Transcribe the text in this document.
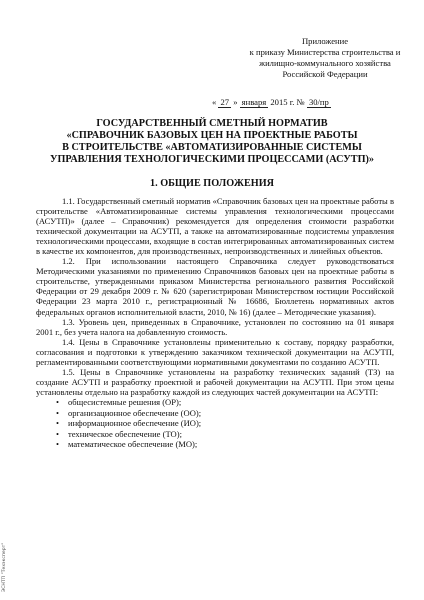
Приложение
к приказу Министерства строительства и
жилищно-коммунального хозяйства
Российской Федерации
« 27 » января 2015 г. № 30/пр
ГОСУДАРСТВЕННЫЙ СМЕТНЫЙ НОРМАТИВ
«СПРАВОЧНИК БАЗОВЫХ ЦЕН НА ПРОЕКТНЫЕ РАБОТЫ
В СТРОИТЕЛЬСТВЕ «АВТОМАТИЗИРОВАННЫЕ СИСТЕМЫ
УПРАВЛЕНИЯ ТЕХНОЛОГИЧЕСКИМИ ПРОЦЕССАМИ (АСУТП)»
1. ОБЩИЕ ПОЛОЖЕНИЯ

1.1. Государственный сметный норматив «Справочник базовых цен на проектные работы в строительстве «Автоматизированные системы управления технологическими процессами (АСУТП)» (далее – Справочник) рекомендуется для определения стоимости разработки технической документации на АСУТП, а также на автоматизированные подсистемы управления технологическими процессами, входящие в состав интегрированных автоматизированных систем в качестве их компонентов, для производственных, непроизводственных и линейных объектов.

1.2. При использовании настоящего Справочника следует руководствоваться Методическими указаниями по применению Справочников базовых цен на проектные работы в строительстве, утвержденными приказом Министерства регионального развития Российской Федерации от 29 декабря 2009 г. № 620 (зарегистрирован Министерством юстиции Российской Федерации 23 марта 2010 г., регистрационный № 16686, Бюллетень нормативных актов федеральных органов исполнительной власти, 2010, № 16) (далее – Методические указания).

1.3. Уровень цен, приведенных в Справочнике, установлен по состоянию на 01 января 2001 г., без учета налога на добавленную стоимость.

1.4. Цены в Справочнике установлены применительно к составу, порядку разработки, согласования и подготовки к утверждению заказчиком технической документации на АСУТП, регламентированными соответствующими нормативными документами по созданию АСУТП.

1.5. Цены в Справочнике установлены на разработку технических заданий (ТЗ) на создание АСУТП и разработку проектной и рабочей документации на АСУТП. При этом цены установлены отдельно на разработку каждой из следующих частей документации на АСУТП:

• общесистемные решения (ОР);
• организационное обеспечение (ОО);
• информационное обеспечение (ИО);
• техническое обеспечение (ТО);
• математическое обеспечение (МО);
ЭСНТП "Техэксперт"
